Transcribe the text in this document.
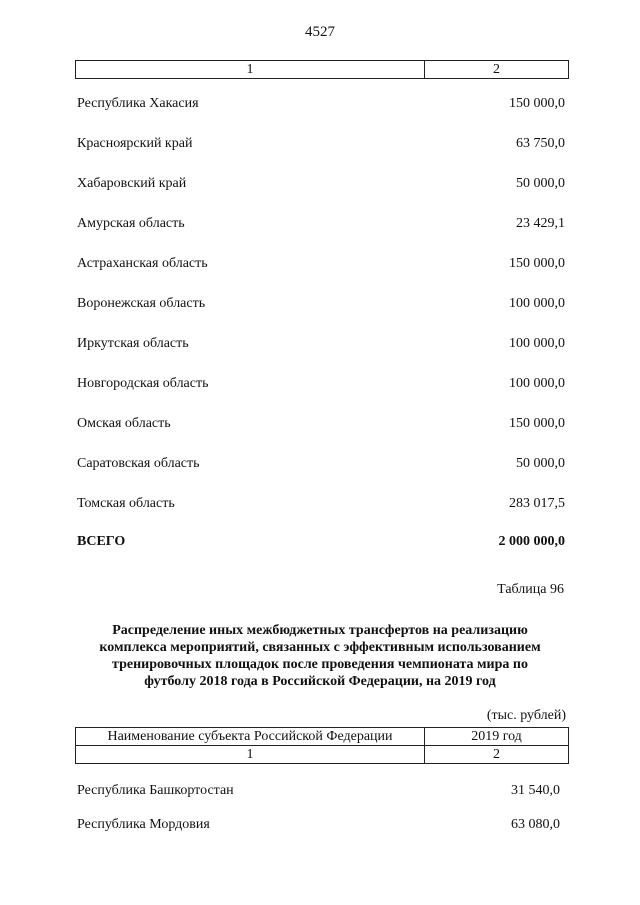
4527
1	2
Республика Хакасия	150 000,0
Красноярский край	63 750,0
Хабаровский край	50 000,0
Амурская область	23 429,1
Астраханская область	150 000,0
Воронежская область	100 000,0
Иркутская область	100 000,0
Новгородская область	100 000,0
Омская область	150 000,0
Саратовская область	50 000,0
Томская область	283 017,5
ВСЕГО	2 000 000,0
Таблица 96
Распределение иных межбюджетных трансфертов на реализацию
комплекса мероприятий, связанных с эффективным использованием
тренировочных площадок после проведения чемпионата мира по
футболу 2018 года в Российской Федерации, на 2019 год
(тыс. рублей)
Наименование субъекта Российской Федерации	2019 год
1	2
Республика Башкортостан	31 540,0
Республика Мордовия	63 080,0
